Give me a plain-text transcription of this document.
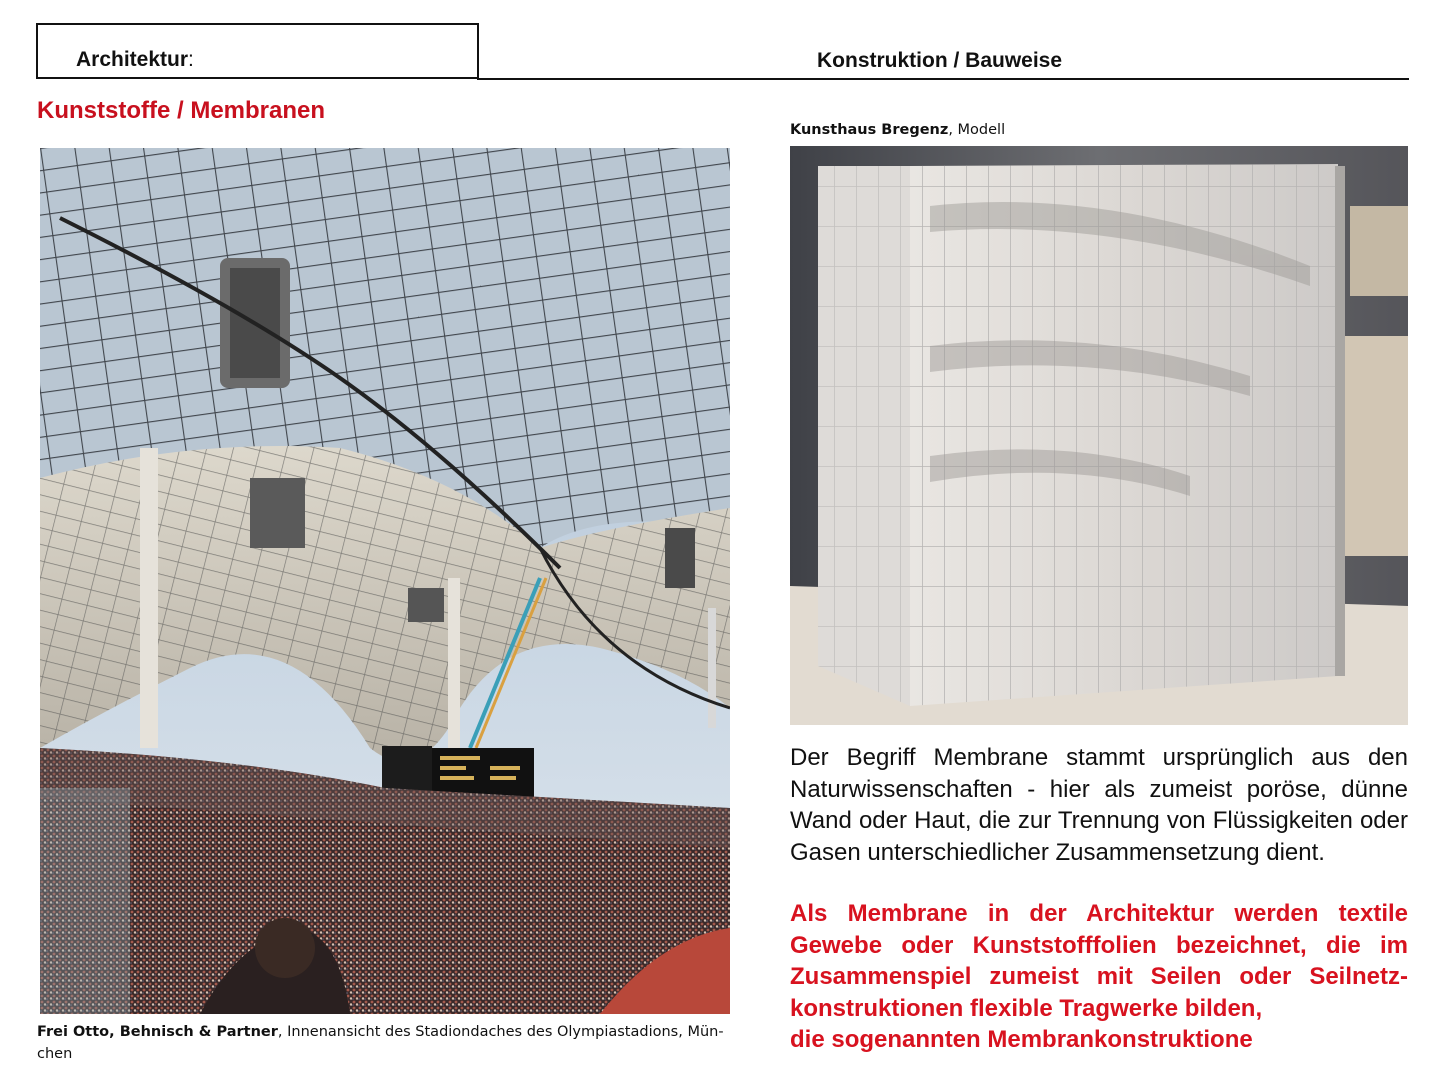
Architektur:	Konstruktion / Bauweise
Kunststoffe / Membranen
Kunsthaus Bregenz, Modell
Frei Otto, Behnisch & Partner, Innenansicht des Stadiondaches des Olympiastadions, Mün-chen
Der Begriff Membrane stammt ursprünglich aus den Naturwissenschaften - hier als zumeist poröse, dünne Wand oder Haut, die zur Trennung von Flüssigkeiten oder Gasen unterschiedlicher Zusammensetzung dient.
Als Membrane in der Architektur werden textile Gewebe oder Kunststofffolien bezeichnet, die im Zusammenspiel zumeist mit Seilen oder Seilnetz-konstruktionen flexible Tragwerke bilden,
die sogenannten Membrankonstruktione
